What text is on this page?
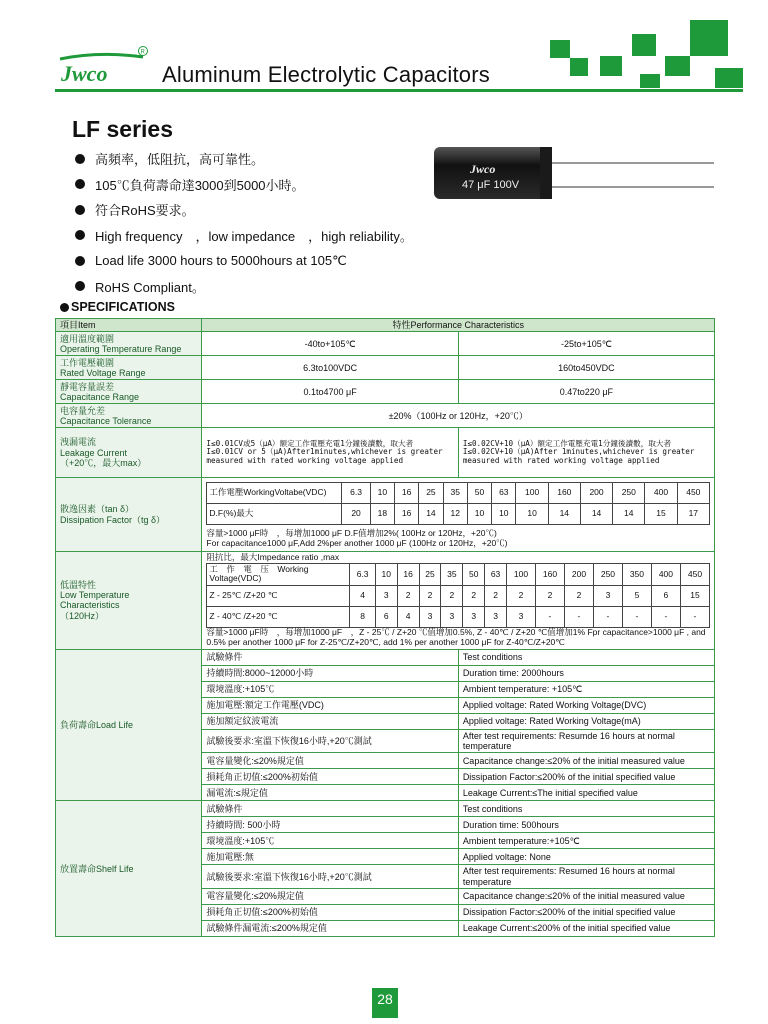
Jwco
R
Aluminum Electrolytic Capacitors
LF series
高頻率，低阻抗，高可靠性。
105℃負荷壽命達3000到5000小時。
符合RoHS要求。
High frequency　，low impedance　，high reliability。
Load life 3000 hours to 5000hours at 105℃
RoHS Compliant。
Jwco
47 μF 100V
SPECIFICATIONS
項目Item	特性Performance Characteristics

適用溫度範圍
Operating Temperature Range	-40to+105℃	-25to+105℃

工作電壓範圍
Rated Voltage Range	6.3to100VDC	160to450VDC

靜電容量誤差
Capacitance Range	0.1to4700 μF	0.47to220 μF

电容量允差
Capacitance Tolerance	±20%（100Hz or 120Hz，+20℃）

洩漏電流
Leakage Current
（+20℃，最大max）	I≤0.01CV或5（μA）額定工作電壓充電1分鐘後讀數，取大者　　　　　I≤0.01CV or 5（μA)After1minutes,whichever is greater measured with rated working voltage applied	I≤0.02CV+10（μA）額定工作電壓充電1分鐘後讀數，取大者　　　　　I≤0.02CV+10（μA)After 1minutes,whichever is greater measured with rated working voltage applied

散逸因素（tan δ）
Dissipation Factor（tg δ）	
工作電壓WorkingVoltabe(VDC)	6.3	10	16	25	35	50	63	100	160	200	250	400	450
D.F(%)最大	20	18	16	14	12	10	10	10	14	14	14	15	17
容量>1000 μF時　，每增加1000 μF D.F值增加2%( 100Hz or 120Hz，+20℃)
For capacitance1000 μF,Add 2%per another 1000 μF (100Hz or 120Hz，+20℃)

低溫特性
Low Temperature
Characteristics
（120Hz）	
阻抗比，最大Impedance ratio ,max
工　作　電　压　Working
Voltage(VDC)	6.3	10	16	25	35	50	63	100	160	200	250	350	400	450
Z - 25℃ /Z+20 ℃	4	3	2	2	2	2	2	2	2	2	3	5	6	15
Z - 40℃ /Z+20 ℃	8	6	4	3	3	3	3	3	-	-	-	-	-	-
容量>1000 μF時　，每增加1000 μF　，Z - 25℃ / Z+20 ℃值增加0.5%, Z - 40℃ / Z+20 ℃值增加1% Fpr capacitance>1000 μF , and 0.5% per another 1000 μF for Z-25℃/Z+20℃, add 1% per another 1000 μF for Z-40℃/Z+20℃

負荷壽命Load Life	試驗條件	Test conditions
持續時間:8000~12000小時	Duration time: 2000hours
環境溫度:+105℃	Ambient temperature: +105℃
施加電壓:額定工作電壓(VDC)	Applied voltage: Rated Working Voltage(DVC)
施加額定紋波電流	Applied voltage: Rated Working Voltage(mA)
試驗後要求:室溫下恢復16小時,+20℃測試	After test requirements: Resumde 16 hours at normal temperature
電容量變化:≤20%規定值	Capacitance change:≤20% of the initial measured value
損耗角正切值:≤200%初始值	Dissipation Factor:≤200% of the initial specified value
漏電流:≤規定值	Leakage Current:≤The initial specified value
放置壽命Shelf Life	試驗條件	Test conditions
持續時間: 500小時	Duration time: 500hours
環境溫度:+105℃	Ambient temperature:+105℃
施加電壓:無	Applied voltage: None
試驗後要求:室溫下恢復16小時,+20℃測試	After test requirements: Resumed 16 hours at normal temperature
電容量變化:≤20%規定值	Capacitance change:≤20% of the initial measured value
損耗角正切值:≤200%初始值	Dissipation Factor:≤200% of the initial specified value
試驗條件漏電流:≤200%規定值	Leakage Current:≤200% of the initial specified value
28
